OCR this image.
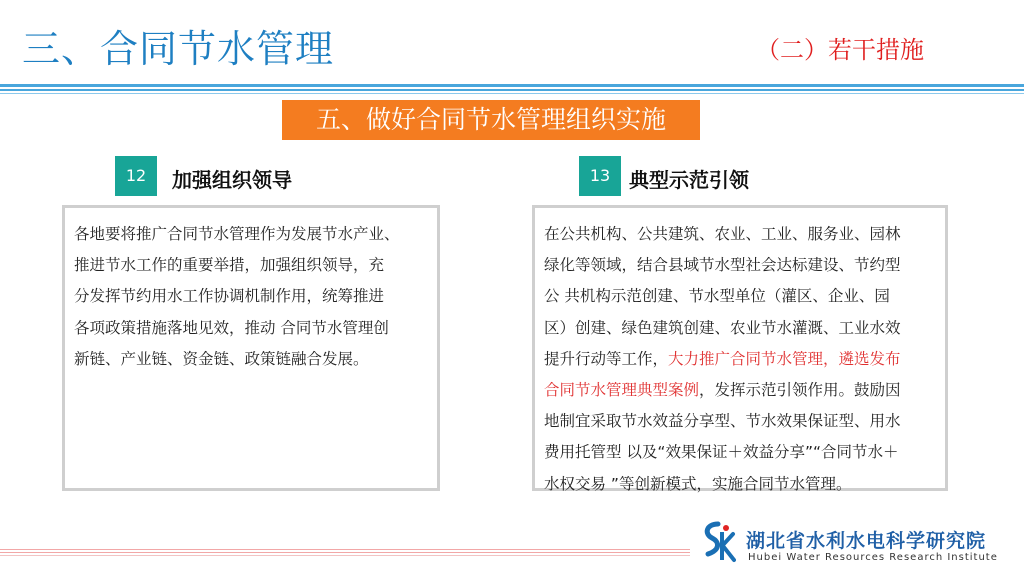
三、合同节水管理	（二）若干措施
五、做好合同节水管理组织实施
12	加强组织领导
各地要将推广合同节水管理作为发展节水产业、
推进节水工作的重要举措，加强组织领导，充
分发挥节约用水工作协调机制作用，统筹推进
各项政策措施落地见效，推动 合同节水管理创
新链、产业链、资金链、政策链融合发展。
13 典型示范引领
在公共机构、公共建筑、农业、工业、服务业、园林
绿化等领域，结合县域节水型社会达标建设、节约型
公 共机构示范创建、节水型单位（灌区、企业、园
区）创建、绿色建筑创建、农业节水灌溉、工业水效
提升行动等工作，大力推广合同节水管理，遴选发布
合同节水管理典型案例，发挥示范引领作用。鼓励因
地制宜采取节水效益分享型、节水效果保证型、用水
费用托管型 以及“效果保证＋效益分享”“合同节水＋
水权交易 ”等创新模式，实施合同节水管理。
湖北省水利水电科学研究院
Hubei Water Resources Research Institute
